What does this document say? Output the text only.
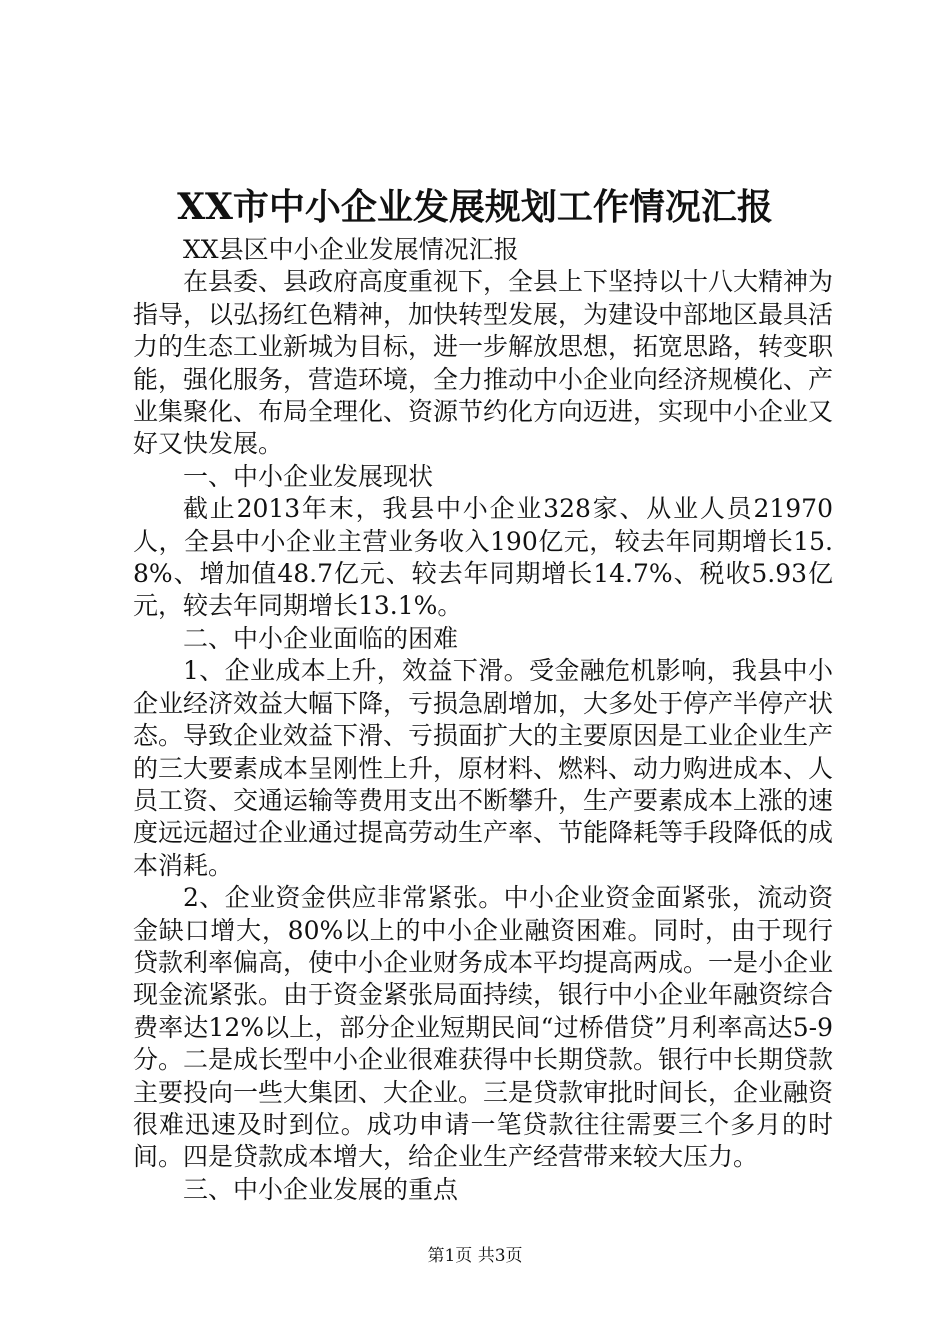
XX市中小企业发展规划工作情况汇报

XX县区中小企业发展情况汇报

在县委、县政府高度重视下，全县上下坚持以十八大精神为指导，以弘扬红色精神，加快转型发展，为建设中部地区最具活力的生态工业新城为目标，进一步解放思想，拓宽思路，转变职能，强化服务，营造环境，全力推动中小企业向经济规模化、产业集聚化、布局全理化、资源节约化方向迈进，实现中小企业又好又快发展。

一、中小企业发展现状

截止2013年末，我县中小企业328家、从业人员21970人，全县中小企业主营业务收入190亿元，较去年同期增长15.8%、增加值48.7亿元、较去年同期增长14.7%、税收5.93亿元，较去年同期增长13.1%。

二、中小企业面临的困难

1、企业成本上升，效益下滑。受金融危机影响，我县中小企业经济效益大幅下降，亏损急剧增加，大多处于停产半停产状态。导致企业效益下滑、亏损面扩大的主要原因是工业企业生产的三大要素成本呈刚性上升，原材料、燃料、动力购进成本、人员工资、交通运输等费用支出不断攀升，生产要素成本上涨的速度远远超过企业通过提高劳动生产率、节能降耗等手段降低的成本消耗。

2、企业资金供应非常紧张。中小企业资金面紧张，流动资金缺口增大，80%以上的中小企业融资困难。同时，由于现行贷款利率偏高，使中小企业财务成本平均提高两成。一是小企业现金流紧张。由于资金紧张局面持续，银行中小企业年融资综合费率达12%以上，部分企业短期民间“过桥借贷”月利率高达5-9分。二是成长型中小企业很难获得中长期贷款。银行中长期贷款主要投向一些大集团、大企业。三是贷款审批时间长，企业融资很难迅速及时到位。成功申请一笔贷款往往需要三个多月的时间。四是贷款成本增大，给企业生产经营带来较大压力。

三、中小企业发展的重点

第1页 共3页
